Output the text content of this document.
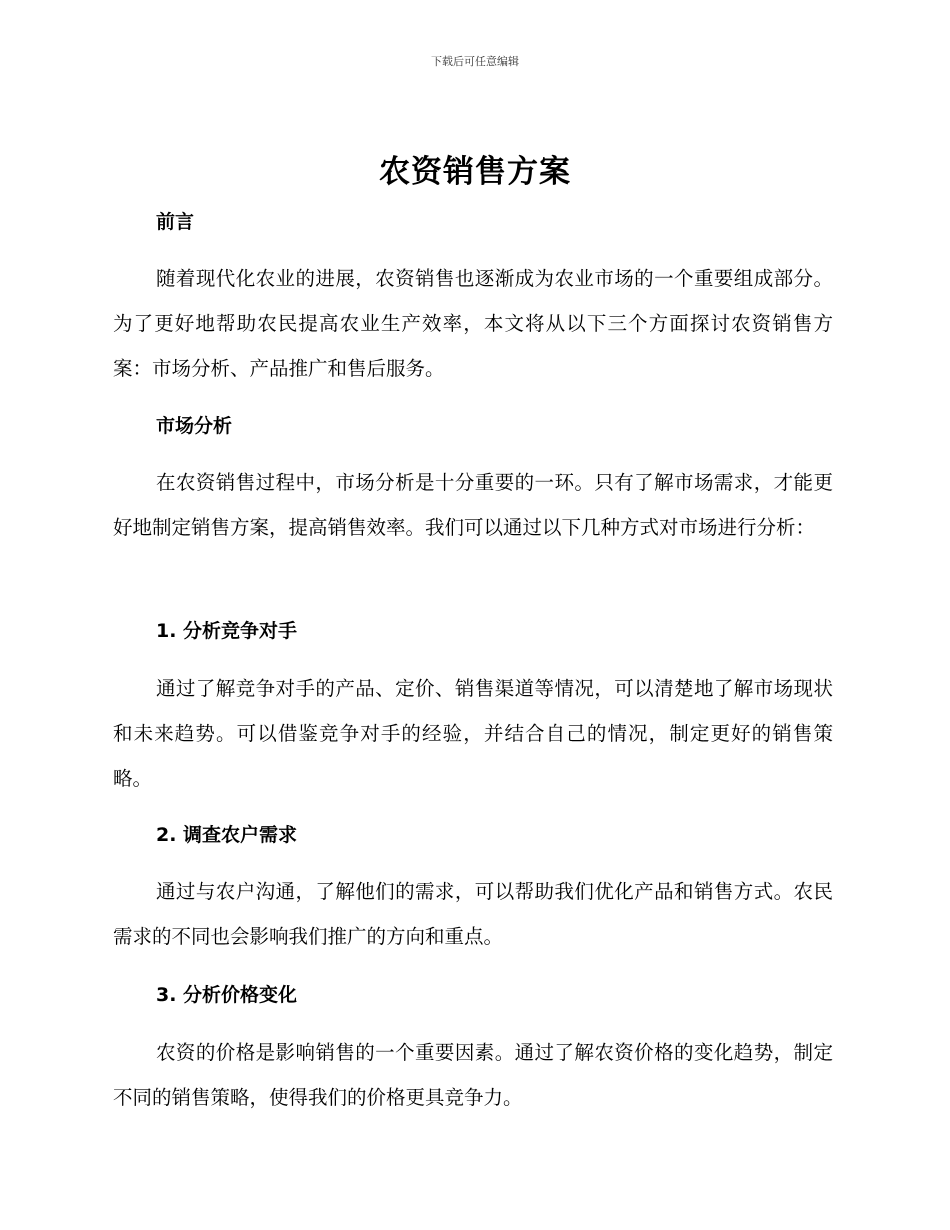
下载后可任意编辑
农资销售方案
前言

随着现代化农业的进展，农资销售也逐渐成为农业市场的一个重要组成部分。为了更好地帮助农民提高农业生产效率，本文将从以下三个方面探讨农资销售方案：市场分析、产品推广和售后服务。

市场分析

在农资销售过程中，市场分析是十分重要的一环。只有了解市场需求，才能更好地制定销售方案，提高销售效率。我们可以通过以下几种方式对市场进行分析：

1. 分析竞争对手

通过了解竞争对手的产品、定价、销售渠道等情况，可以清楚地了解市场现状和未来趋势。可以借鉴竞争对手的经验，并结合自己的情况，制定更好的销售策略。

2. 调查农户需求

通过与农户沟通，了解他们的需求，可以帮助我们优化产品和销售方式。农民需求的不同也会影响我们推广的方向和重点。

3. 分析价格变化

农资的价格是影响销售的一个重要因素。通过了解农资价格的变化趋势，制定不同的销售策略，使得我们的价格更具竞争力。
